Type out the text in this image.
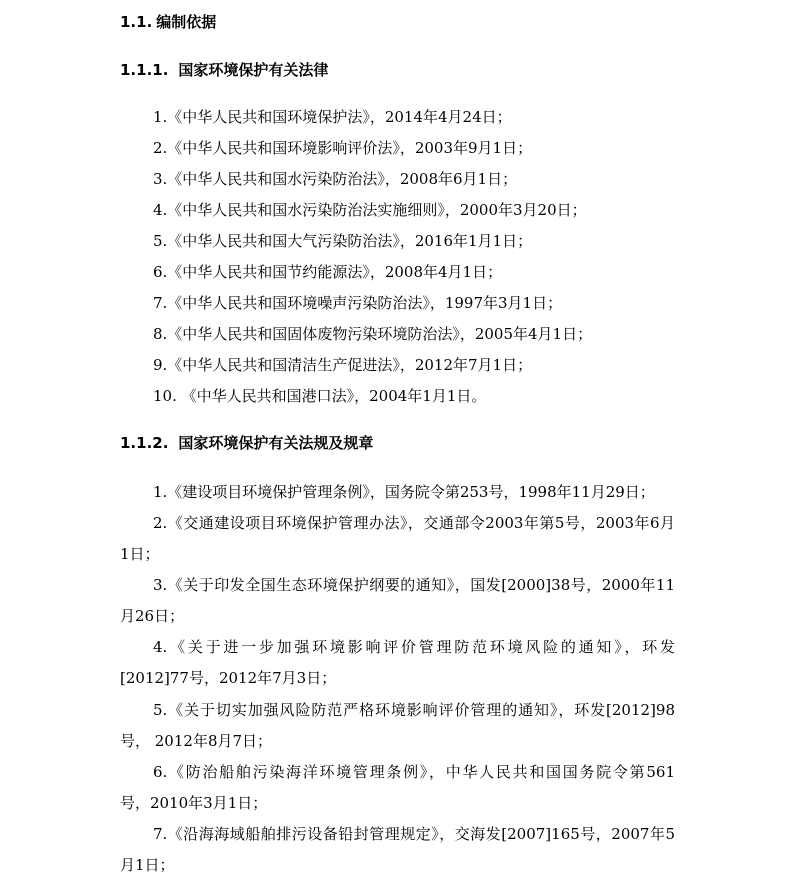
1.1. 编制依据
1.1.1. 国家环境保护有关法律
1.《中华人民共和国环境保护法》，2014年4月24日；
2.《中华人民共和国环境影响评价法》，2003年9月1日；
3.《中华人民共和国水污染防治法》，2008年6月1日；
4.《中华人民共和国水污染防治法实施细则》，2000年3月20日；
5.《中华人民共和国大气污染防治法》，2016年1月1日；
6.《中华人民共和国节约能源法》，2008年4月1日；
7.《中华人民共和国环境噪声污染防治法》，1997年3月1日；
8.《中华人民共和国固体废物污染环境防治法》，2005年4月1日；
9.《中华人民共和国清洁生产促进法》，2012年7月1日；
10. 《中华人民共和国港口法》，2004年1月1日。
1.1.2. 国家环境保护有关法规及规章
1.《建设项目环境保护管理条例》，国务院令第253号，1998年11月29日；
2.《交通建设项目环境保护管理办法》，交通部令2003年第5号，2003年6月
1日；
3.《关于印发全国生态环境保护纲要的通知》，国发[2000]38号，2000年11
月26日；
4.《关于进一步加强环境影响评价管理防范环境风险的通知》，环发
[2012]77号，2012年7月3日；
5.《关于切实加强风险防范严格环境影响评价管理的通知》，环发[2012]98
号， 2012年8月7日；
6.《防治船舶污染海洋环境管理条例》，中华人民共和国国务院令第561
号，2010年3月1日；
7.《沿海海域船舶排污设备铅封管理规定》，交海发[2007]165号，2007年5
月1日；
